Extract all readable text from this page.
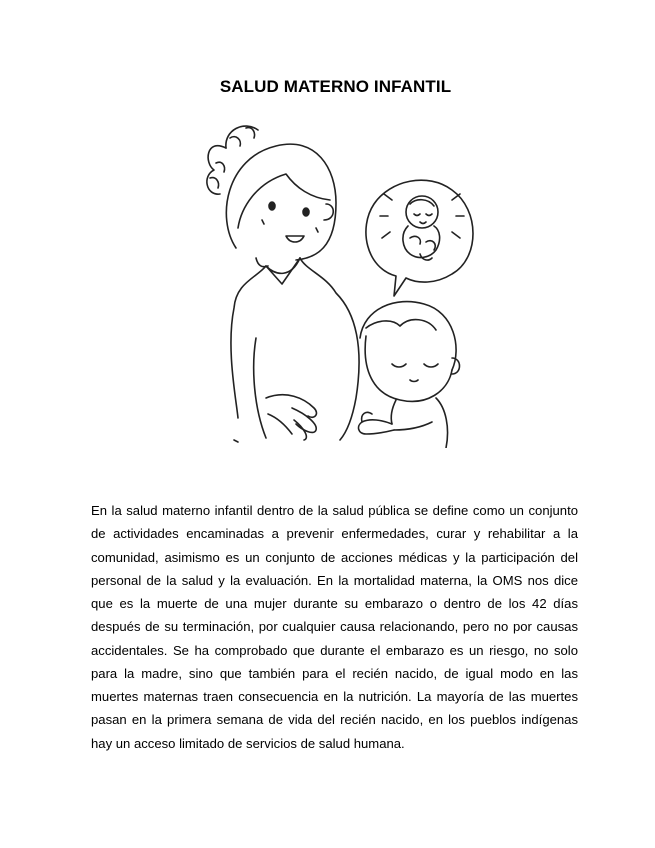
SALUD MATERNO INFANTIL

En la salud materno infantil dentro de la salud pública se define como un conjunto de actividades encaminadas a prevenir enfermedades, curar y rehabilitar a la comunidad, asimismo es un conjunto de acciones médicas y la participación del personal de la salud y la evaluación. En la mortalidad materna, la OMS nos dice que es la muerte de una mujer durante su embarazo o dentro de los 42 días después de su terminación, por cualquier causa relacionando, pero no por causas accidentales. Se ha comprobado que durante el embarazo es un riesgo, no solo para la madre, sino que también para el recién nacido, de igual modo en las muertes maternas traen consecuencia en la nutrición. La mayoría de las muertes pasan en la primera semana de vida del recién nacido, en los pueblos indígenas hay un acceso limitado de servicios de salud humana.
